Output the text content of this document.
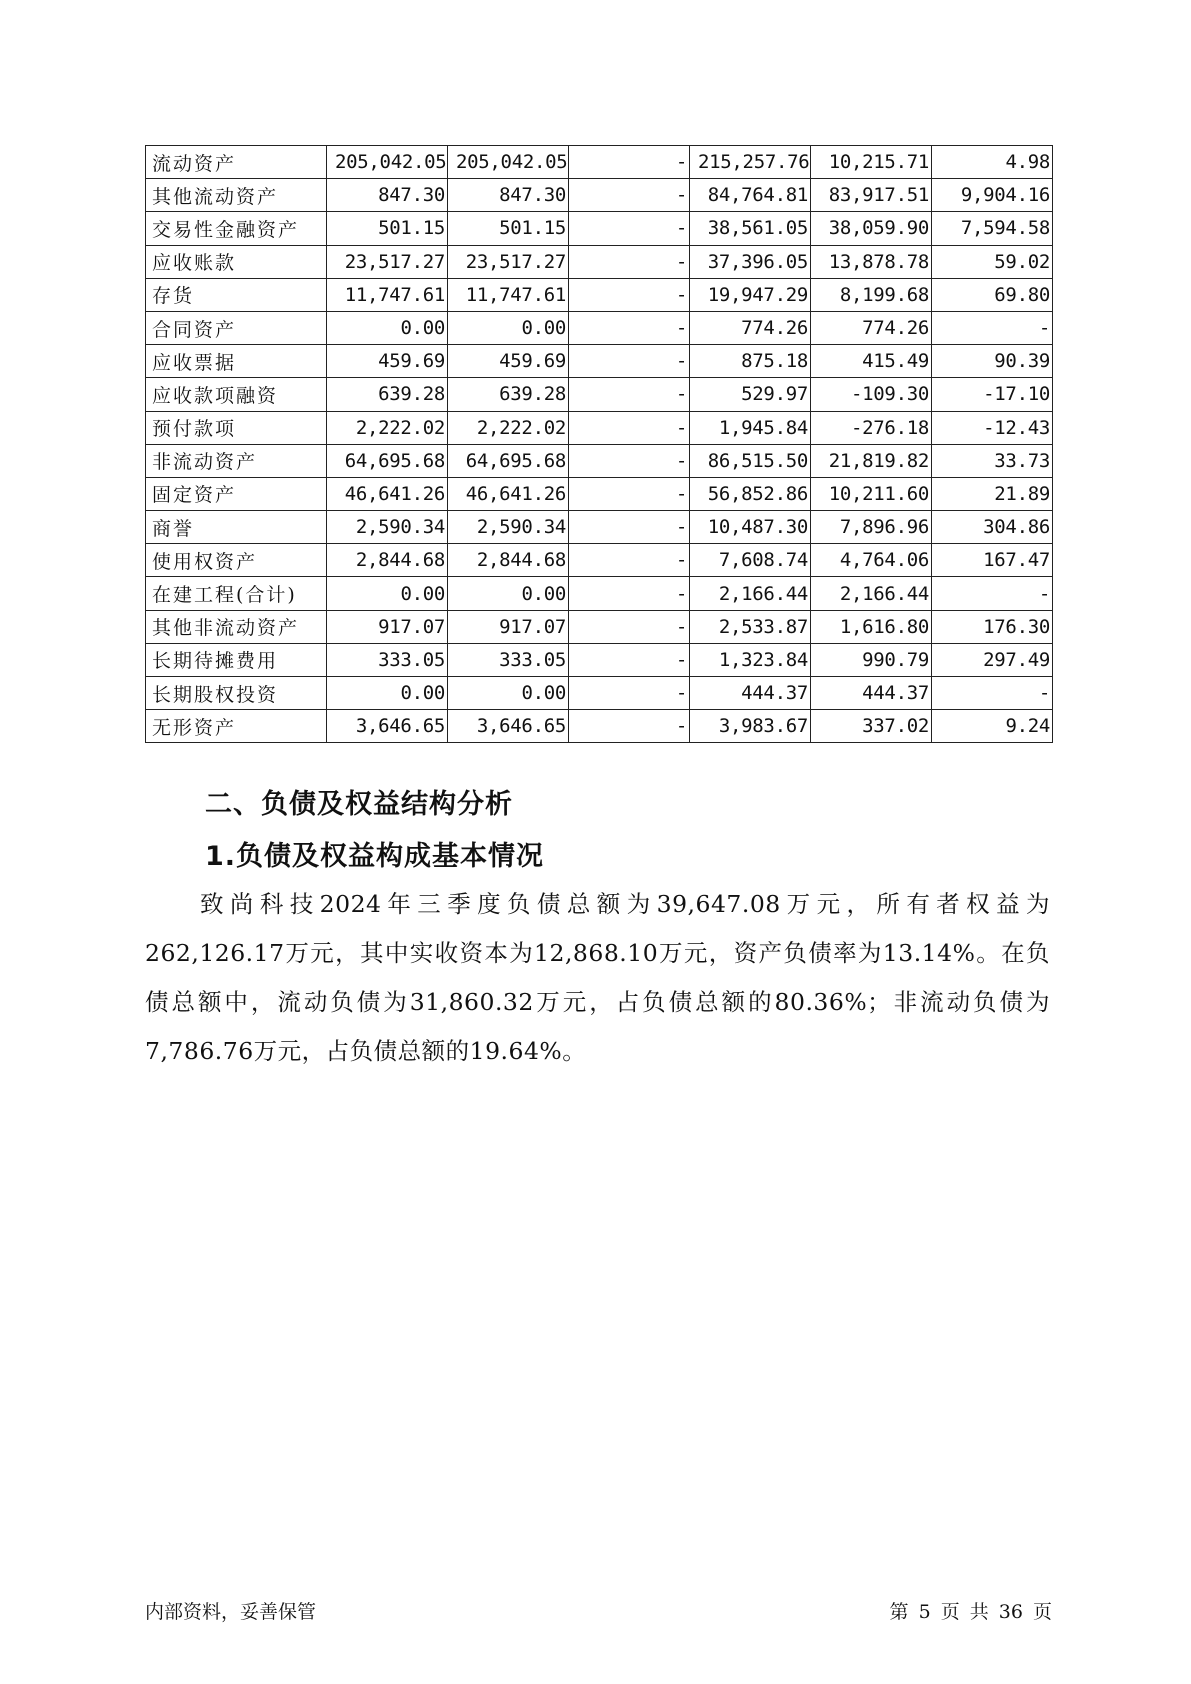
流动资产	205,042.05	205,042.05	-	215,257.76	10,215.71	4.98
其他流动资产	847.30	847.30	-	84,764.81	83,917.51	9,904.16
交易性金融资产	501.15	501.15	-	38,561.05	38,059.90	7,594.58
应收账款	23,517.27	23,517.27	-	37,396.05	13,878.78	59.02
存货	11,747.61	11,747.61	-	19,947.29	8,199.68	69.80
合同资产	0.00	0.00	-	774.26	774.26	-
应收票据	459.69	459.69	-	875.18	415.49	90.39
应收款项融资	639.28	639.28	-	529.97	-109.30	-17.10
预付款项	2,222.02	2,222.02	-	1,945.84	-276.18	-12.43
非流动资产	64,695.68	64,695.68	-	86,515.50	21,819.82	33.73
固定资产	46,641.26	46,641.26	-	56,852.86	10,211.60	21.89
商誉	2,590.34	2,590.34	-	10,487.30	7,896.96	304.86
使用权资产	2,844.68	2,844.68	-	7,608.74	4,764.06	167.47
在建工程(合计)	0.00	0.00	-	2,166.44	2,166.44	-
其他非流动资产	917.07	917.07	-	2,533.87	1,616.80	176.30
长期待摊费用	333.05	333.05	-	1,323.84	990.79	297.49
长期股权投资	0.00	0.00	-	444.37	444.37	-
无形资产	3,646.65	3,646.65	-	3,983.67	337.02	9.24
二、负债及权益结构分析
1.负债及权益构成基本情况

致尚科技2024年三季度负债总额为39,647.08万元，所有者权益为262,126.17万元，其中实收资本为12,868.10万元，资产负债率为13.14%。在负债总额中，流动负债为31,860.32万元，占负债总额的80.36%；非流动负债为7,786.76万元，占负债总额的19.64%。

内部资料，妥善保管	第 5 页 共 36 页
